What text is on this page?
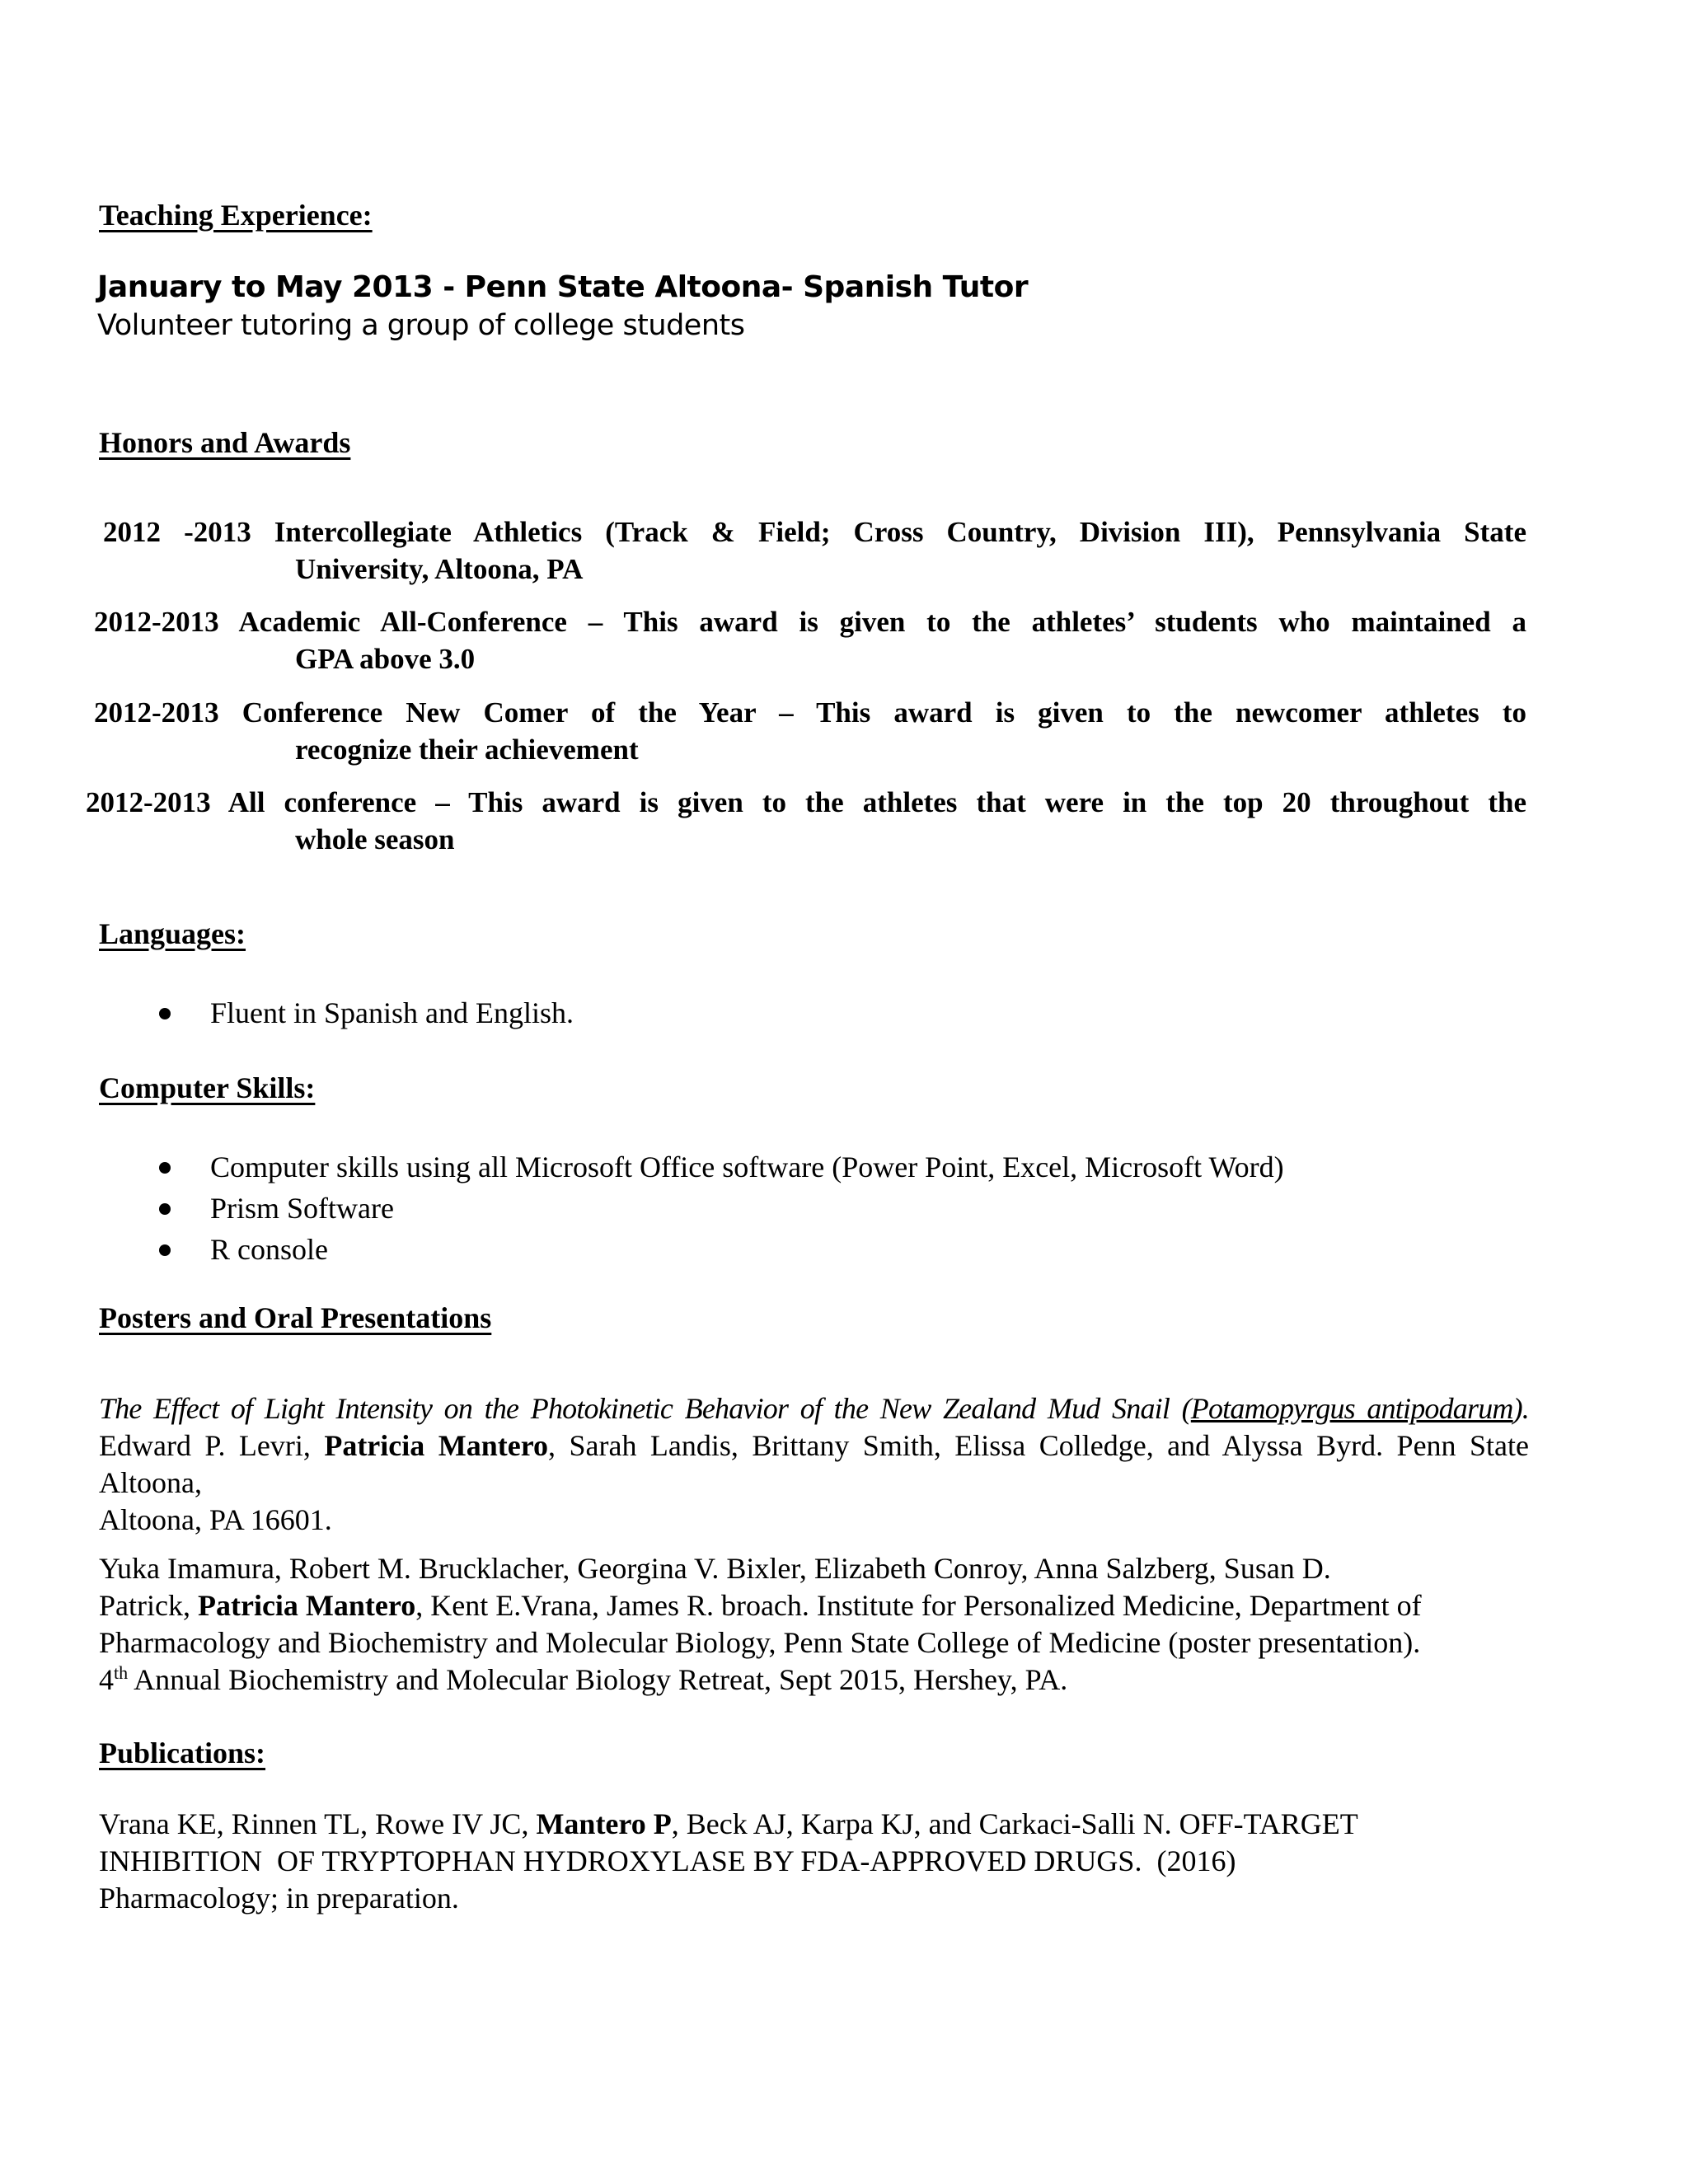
Teaching Experience:
January to May 2013 - Penn State Altoona- Spanish Tutor
Volunteer tutoring a group of college students
Honors and Awards
2012 -2013 Intercollegiate Athletics (Track & Field; Cross Country, Division III), Pennsylvania State
University, Altoona, PA
2012-2013 Academic All-Conference – This award is given to the athletes’ students who maintained a
GPA above 3.0
2012-2013 Conference New Comer of the Year – This award is given to the newcomer athletes to
recognize their achievement
2012-2013 All conference – This award is given to the athletes that were in the top 20 throughout the
whole season
Languages:
Fluent in Spanish and English.
Computer Skills:
Computer skills using all Microsoft Office software (Power Point, Excel, Microsoft Word)
Prism Software
R console
Posters and Oral Presentations
The Effect of Light Intensity on the Photokinetic Behavior of the New Zealand Mud Snail (Potamopyrgus antipodarum). Edward P. Levri, Patricia Mantero, Sarah Landis, Brittany Smith, Elissa Colledge, and Alyssa Byrd. Penn State Altoona,
Altoona, PA 16601.
Yuka Imamura, Robert M. Brucklacher, Georgina V. Bixler, Elizabeth Conroy, Anna Salzberg, Susan D.
Patrick, Patricia Mantero, Kent E.Vrana, James R. broach. Institute for Personalized Medicine, Department of
Pharmacology and Biochemistry and Molecular Biology, Penn State College of Medicine (poster presentation).
4th Annual Biochemistry and Molecular Biology Retreat, Sept 2015, Hershey, PA.
Publications:
Vrana KE, Rinnen TL, Rowe IV JC, Mantero P, Beck AJ, Karpa KJ, and Carkaci-Salli N. OFF-TARGET
INHIBITION  OF TRYPTOPHAN HYDROXYLASE BY FDA-APPROVED DRUGS.  (2016)
Pharmacology; in preparation.
